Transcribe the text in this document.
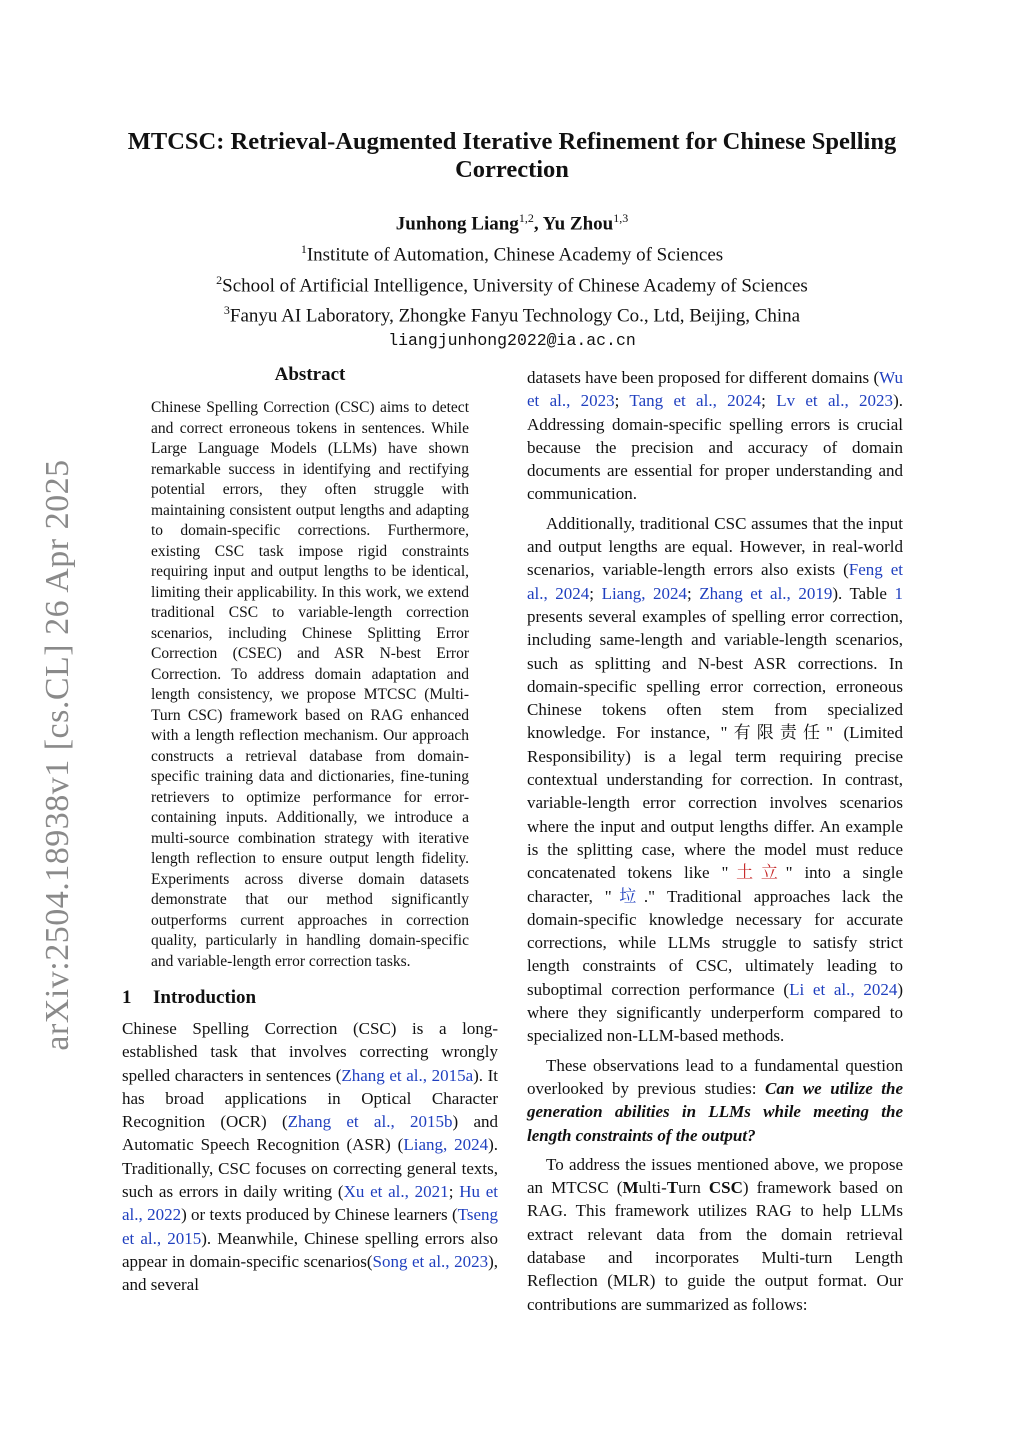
arXiv:2504.18938v1 [cs.CL] 26 Apr 2025
MTCSC: Retrieval-Augmented Iterative Refinement for Chinese Spelling Correction
Junhong Liang$^{1,2}$, Yu Zhou$^{1,3}$
$^1$Institute of Automation, Chinese Academy of Sciences
$^2$School of Artificial Intelligence, University of Chinese Academy of Sciences
$^3$Fanyu AI Laboratory, Zhongke Fanyu Technology Co., Ltd, Beijing, China
liangjunhong2022@ia.ac.cn
Abstract

Chinese Spelling Correction (CSC) aims to detect and correct erroneous tokens in sentences. While Large Language Models (LLMs) have shown remarkable success in identifying and rectifying potential errors, they often struggle with maintaining consistent output lengths and adapting to domain-specific corrections. Furthermore, existing CSC task impose rigid constraints requiring input and output lengths to be identical, limiting their applicability. In this work, we extend traditional CSC to variable-length correction scenarios, including Chinese Splitting Error Correction (CSEC) and ASR N-best Error Correction. To address domain adaptation and length consistency, we propose MTCSC (Multi-Turn CSC) framework based on RAG enhanced with a length reflection mechanism. Our approach constructs a retrieval database from domain-specific training data and dictionaries, fine-tuning retrievers to optimize performance for error-containing inputs. Additionally, we introduce a multi-source combination strategy with iterative length reflection to ensure output length fidelity. Experiments across diverse domain datasets demonstrate that our method significantly outperforms current approaches in correction quality, particularly in handling domain-specific and variable-length error correction tasks.

1 Introduction

Chinese Spelling Correction (CSC) is a long-established task that involves correcting wrongly spelled characters in sentences (Zhang et al., 2015a). It has broad applications in Optical Character Recognition (OCR) (Zhang et al., 2015b) and Automatic Speech Recognition (ASR) (Liang, 2024). Traditionally, CSC focuses on correcting general texts, such as errors in daily writing (Xu et al., 2021; Hu et al., 2022) or texts produced by Chinese learners (Tseng et al., 2015). Meanwhile, Chinese spelling errors also appear in domain-specific scenarios(Song et al., 2023), and several

datasets have been proposed for different domains (Wu et al., 2023; Tang et al., 2024; Lv et al., 2023). Addressing domain-specific spelling errors is crucial because the precision and accuracy of domain documents are essential for proper understanding and communication.

Additionally, traditional CSC assumes that the input and output lengths are equal. However, in real-world scenarios, variable-length errors also exists (Feng et al., 2024; Liang, 2024; Zhang et al., 2019). Table 1 presents several examples of spelling error correction, including same-length and variable-length scenarios, such as splitting and N-best ASR corrections. In domain-specific spelling error correction, erroneous Chinese tokens often stem from specialized knowledge. For instance, "有限责任" (Limited Responsibility) is a legal term requiring precise contextual understanding for correction. In contrast, variable-length error correction involves scenarios where the input and output lengths differ. An example is the splitting case, where the model must reduce concatenated tokens like "土立" into a single character, "垃." Traditional approaches lack the domain-specific knowledge necessary for accurate corrections, while LLMs struggle to satisfy strict length constraints of CSC, ultimately leading to suboptimal correction performance (Li et al., 2024) where they significantly underperform compared to specialized non-LLM-based methods.

These observations lead to a fundamental question overlooked by previous studies: Can we utilize the generation abilities in LLMs while meeting the length constraints of the output?

To address the issues mentioned above, we propose an MTCSC (Multi-Turn CSC) framework based on RAG. This framework utilizes RAG to help LLMs extract relevant data from the domain retrieval database and incorporates Multi-turn Length Reflection (MLR) to guide the output format. Our contributions are summarized as follows:
